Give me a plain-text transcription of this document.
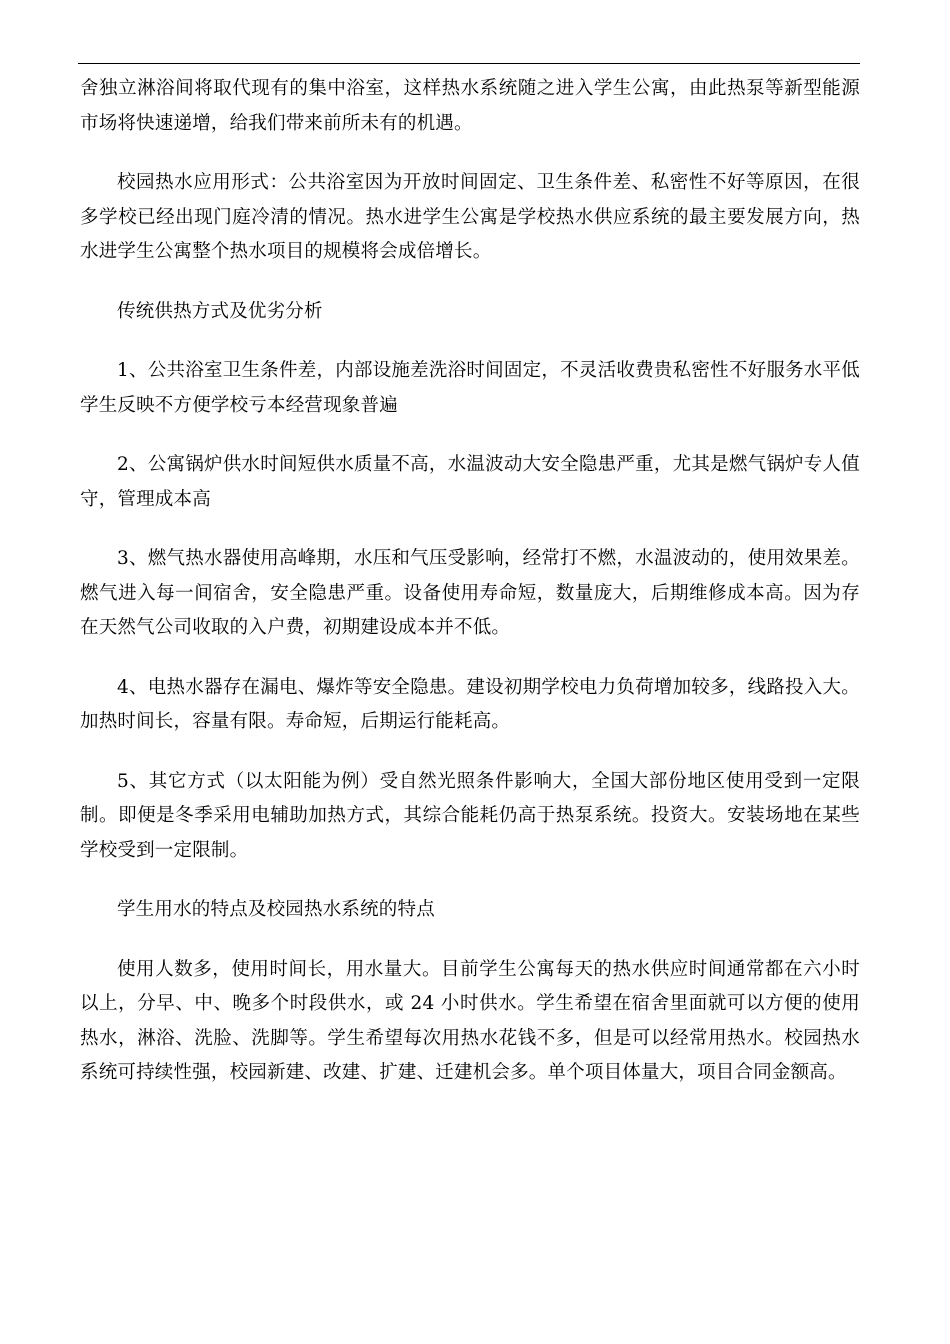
舍独立淋浴间将取代现有的集中浴室，这样热水系统随之进入学生公寓，由此热泵等新型能源市场将快速递增，给我们带来前所未有的机遇。

校园热水应用形式：公共浴室因为开放时间固定、卫生条件差、私密性不好等原因，在很多学校已经出现门庭冷清的情况。热水进学生公寓是学校热水供应系统的最主要发展方向，热水进学生公寓整个热水项目的规模将会成倍增长。

传统供热方式及优劣分析

1、公共浴室卫生条件差，内部设施差洗浴时间固定，不灵活收费贵私密性不好服务水平低学生反映不方便学校亏本经营现象普遍

2、公寓锅炉供水时间短供水质量不高，水温波动大安全隐患严重，尤其是燃气锅炉专人值守，管理成本高

3、燃气热水器使用高峰期，水压和气压受影响，经常打不燃，水温波动的，使用效果差。燃气进入每一间宿舍，安全隐患严重。设备使用寿命短，数量庞大，后期维修成本高。因为存在天然气公司收取的入户费，初期建设成本并不低。

4、电热水器存在漏电、爆炸等安全隐患。建设初期学校电力负荷增加较多，线路投入大。加热时间长，容量有限。寿命短，后期运行能耗高。

5、其它方式（以太阳能为例）受自然光照条件影响大，全国大部份地区使用受到一定限制。即便是冬季采用电辅助加热方式，其综合能耗仍高于热泵系统。投资大。安装场地在某些学校受到一定限制。

学生用水的特点及校园热水系统的特点

使用人数多，使用时间长，用水量大。目前学生公寓每天的热水供应时间通常都在六小时以上，分早、中、晚多个时段供水，或 24 小时供水。学生希望在宿舍里面就可以方便的使用热水，淋浴、洗脸、洗脚等。学生希望每次用热水花钱不多，但是可以经常用热水。校园热水系统可持续性强，校园新建、改建、扩建、迁建机会多。单个项目体量大，项目合同金额高。
